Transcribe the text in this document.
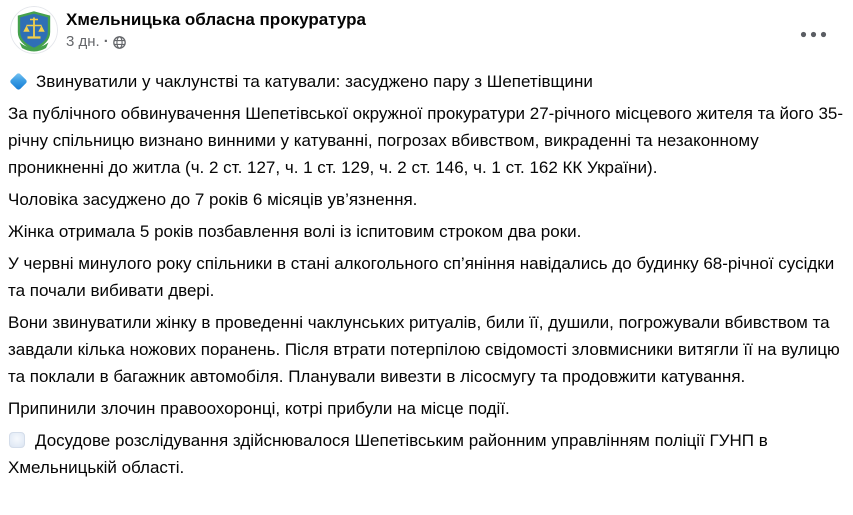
Хмельницька обласна прокуратура
3 дн. ·

Звинуватили у чаклунстві та катували: засуджено пару з Шепетівщини

За публічного обвинувачення Шепетівської окружної прокуратури 27-річного місцевого жителя та його 35-річну спільницю визнано винними у катуванні, погрозах вбивством, викраденні та незаконному проникненні до житла (ч. 2 ст. 127, ч. 1 ст. 129, ч. 2 ст. 146, ч. 1 ст. 162 КК України).

Чоловіка засуджено до 7 років 6 місяців ув’язнення.

Жінка отримала 5 років позбавлення волі із іспитовим строком два роки.

У червні минулого року спільники в стані алкогольного сп’яніння навідались до будинку 68-річної сусідки та почали вибивати двері.

Вони звинуватили жінку в проведенні чаклунських ритуалів, били її, душили, погрожували вбивством та завдали кілька ножових поранень. Після втрати потерпілою свідомості зловмисники витягли її на вулицю та поклали в багажник автомобіля. Планували вивезти в лісосмугу та продовжити катування.

Припинили злочин правоохоронці, котрі прибули на місце події.

Досудове розслідування здійснювалося Шепетівським районним управлінням поліції ГУНП в Хмельницькій області.
